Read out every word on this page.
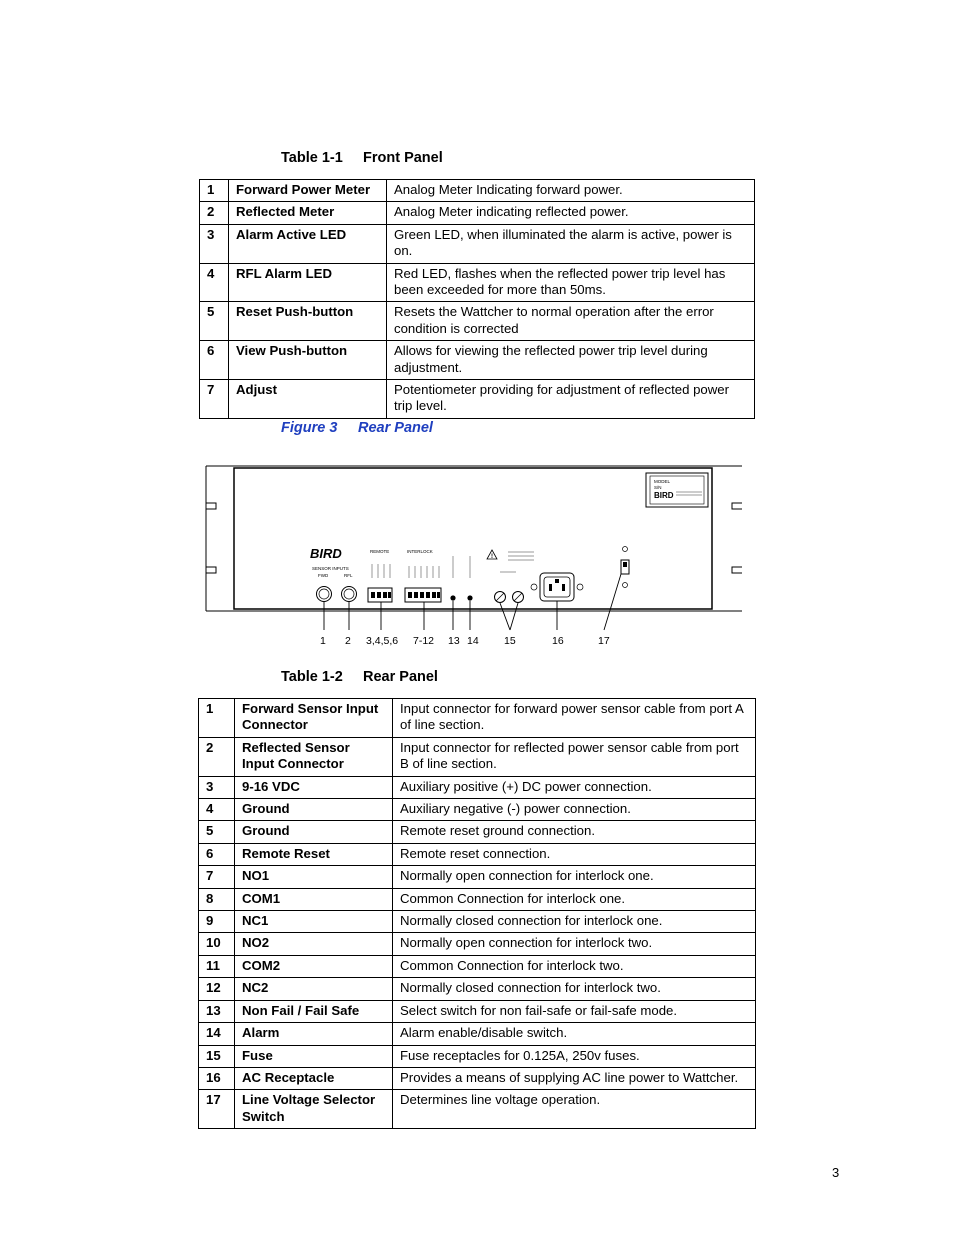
Table 1-1 Front Panel
1	Forward Power Meter	Analog Meter Indicating forward power.
2	Reflected Meter	Analog Meter indicating reflected power.
3	Alarm Active LED	Green LED, when illuminated the alarm is active, power is on.
4	RFL Alarm LED	Red LED, flashes when the reflected power trip level has been exceeded for more than 50ms.
5	Reset Push-button	Resets the Wattcher to normal operation after the error condition is corrected
6	View Push-button	Allows for viewing the reflected power trip level during adjustment.
7	Adjust	Potentiometer providing for adjustment of reflected power trip level.
Figure 3 Rear Panel
MODEL
S/N
BIRD
BIRD
SENSOR INPUTS
FWD	RFL
REMOTE	INTERLOCK
!
1 2 3,4,5,6 7-12 13 14 15	16	17
Table 1-2 Rear Panel
1	Forward Sensor Input Connector	Input connector for forward power sensor cable from port A of line section.
2	Reflected Sensor Input Connector	Input connector for reflected power sensor cable from port B of line section.
3	9-16 VDC	Auxiliary positive (+) DC power connection.
4	Ground	Auxiliary negative (-) power connection.
5	Ground	Remote reset ground connection.
6	Remote Reset	Remote reset connection.
7	NO1	Normally open connection for interlock one.
8	COM1	Common Connection for interlock one.
9	NC1	Normally closed connection for interlock one.
10	NO2	Normally open connection for interlock two.
11	COM2	Common Connection for interlock two.
12	NC2	Normally closed connection for interlock two.
13	Non Fail / Fail Safe	Select switch for non fail-safe or fail-safe mode.
14	Alarm	Alarm enable/disable switch.
15	Fuse	Fuse receptacles for 0.125A, 250v fuses.
16	AC Receptacle	Provides a means of supplying AC line power to Wattcher.
17	Line Voltage Selector Switch	Determines line voltage operation.
3
